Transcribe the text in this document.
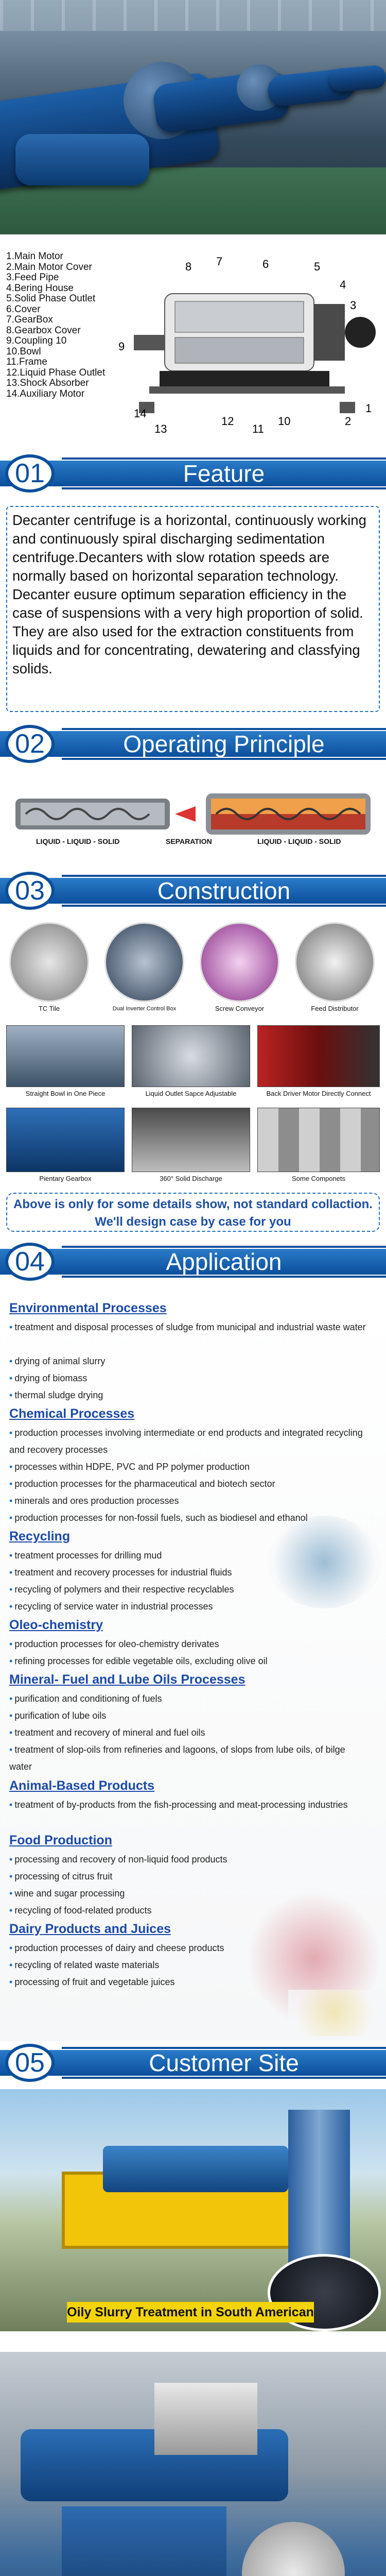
1.Main Motor
2.Main Motor Cover
3.Feed Pipe
4.Bering House
5.Solid Phase Outlet
6.Cover
7.GearBox
8.Gearbox Cover
9.Coupling 10
10.Bowl
11.Frame
12.Liquid Phase Outlet
13.Shock Absorber
14.Auxiliary Motor
8 7	6	5
4
3
9
2
1
14
13
12
11
10
01	Feature
Decanter centrifuge is a horizontal, continuously working and continuously spiral discharging sedimentation centrifuge.Decanters with slow rotation speeds are normally based on horizontal separation technology. Decanter eusure optimum separation efficiency in the case of suspensions with a very high proportion of solid. They are also used for the extraction constituents from liquids and for concentrating, dewatering and classfying solids.
02	Operating Principle
LIQUID - LIQUID - SOLID	SEPARATION	LIQUID - LIQUID - SOLID
03	Construction
TC Tile	Dual Inverter Control Box	Screw Conveyor	Feed Distributor
Straight Bowl in One Piece	Liquid Outlet Sapce Adjustable	Back Driver Motor Directly Connect
Pientary Gearbox	360° Solid Discharge	Some Componets
Above is only for some details show, not standard collaction.
We'll design case by case for you
04	Application
Environmental Processes
• treatment and disposal processes of sludge from municipal and industrial waste water
• drying of animal slurry
• drying of biomass
• thermal sludge drying
Chemical Processes
• production processes involving intermediate or end products and integrated recycling and recovery processes
• processes within HDPE, PVC and PP polymer production
• production processes for the pharmaceutical and biotech sector
• minerals and ores production processes
• production processes for non-fossil fuels, such as biodiesel and ethanol
Recycling
• treatment processes for drilling mud
• treatment and recovery processes for industrial fluids
• recycling of polymers and their respective recyclables
• recycling of service water in industrial processes
Oleo-chemistry
• production processes for oleo-chemistry derivates
• refining processes for edible vegetable oils, excluding olive oil
Mineral- Fuel and Lube Oils Processes
• purification and conditioning of fuels
• purification of lube oils
• treatment and recovery of mineral and fuel oils
• treatment of slop-oils from refineries and lagoons, of slops from lube oils, of bilge water
Animal-Based Products
• treatment of by-products from the fish-processing and meat-processing industries
Food Production
• processing and recovery of non-liquid food products
• processing of citrus fruit
• wine and sugar processing
• recycling of food-related products
Dairy Products and Juices
• production processes of dairy and cheese products
• recycling of related waste materials
• processing of fruit and vegetable juices
05	Customer Site
Oily Slurry Treatment in South American
